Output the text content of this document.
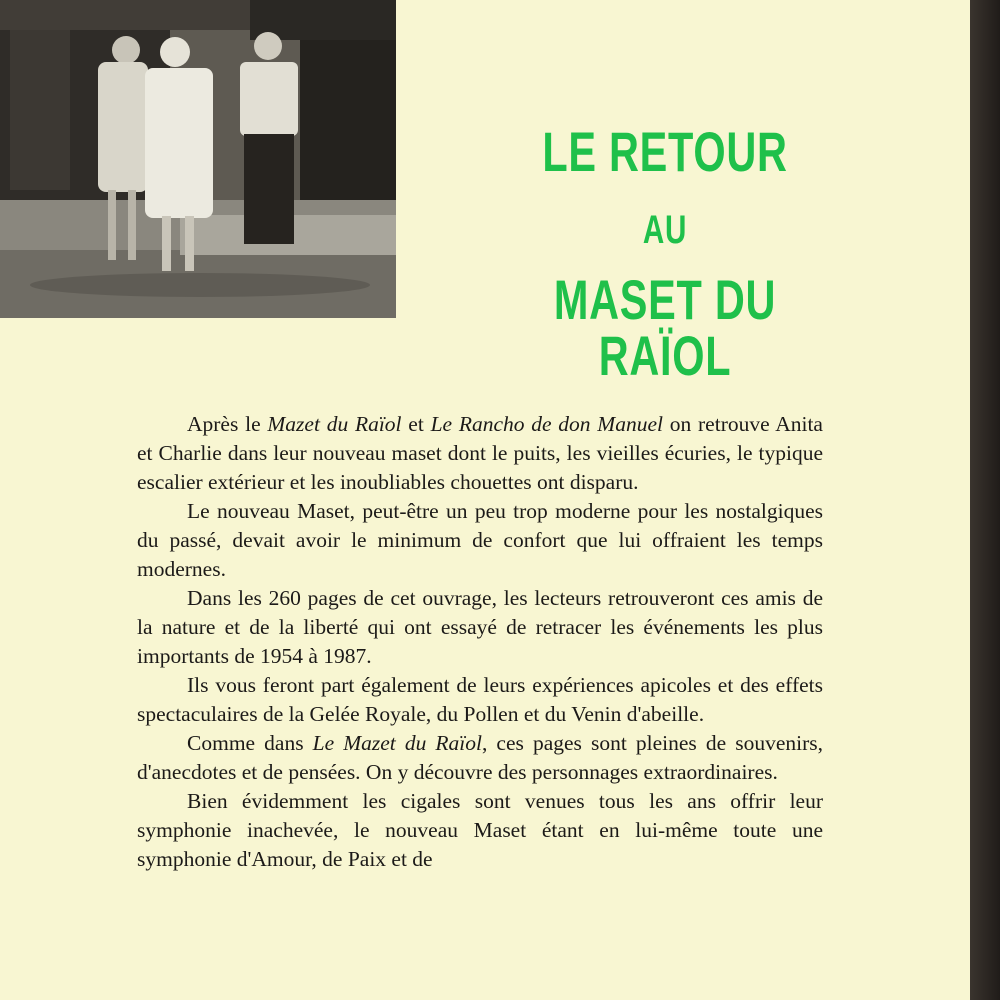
LE RETOUR
AU
MASET DU RAÏOL

Après le Mazet du Raïol et Le Rancho de don Manuel on retrouve Anita et Charlie dans leur nouveau maset dont le puits, les vieilles écuries, le typique escalier extérieur et les inoubliables chouettes ont disparu.

Le nouveau Maset, peut-être un peu trop moderne pour les nostalgiques du passé, devait avoir le minimum de confort que lui offraient les temps modernes.

Dans les 260 pages de cet ouvrage, les lecteurs retrouveront ces amis de la nature et de la liberté qui ont essayé de retracer les événements les plus importants de 1954 à 1987.

Ils vous feront part également de leurs expériences apicoles et des effets spectaculaires de la Gelée Royale, du Pollen et du Venin d'abeille.

Comme dans Le Mazet du Raïol, ces pages sont pleines de souvenirs, d'anecdotes et de pensées. On y découvre des personnages extraordinaires.

Bien évidemment les cigales sont venues tous les ans offrir leur symphonie inachevée, le nouveau Maset étant en lui-même toute une symphonie d'Amour, de Paix et de
